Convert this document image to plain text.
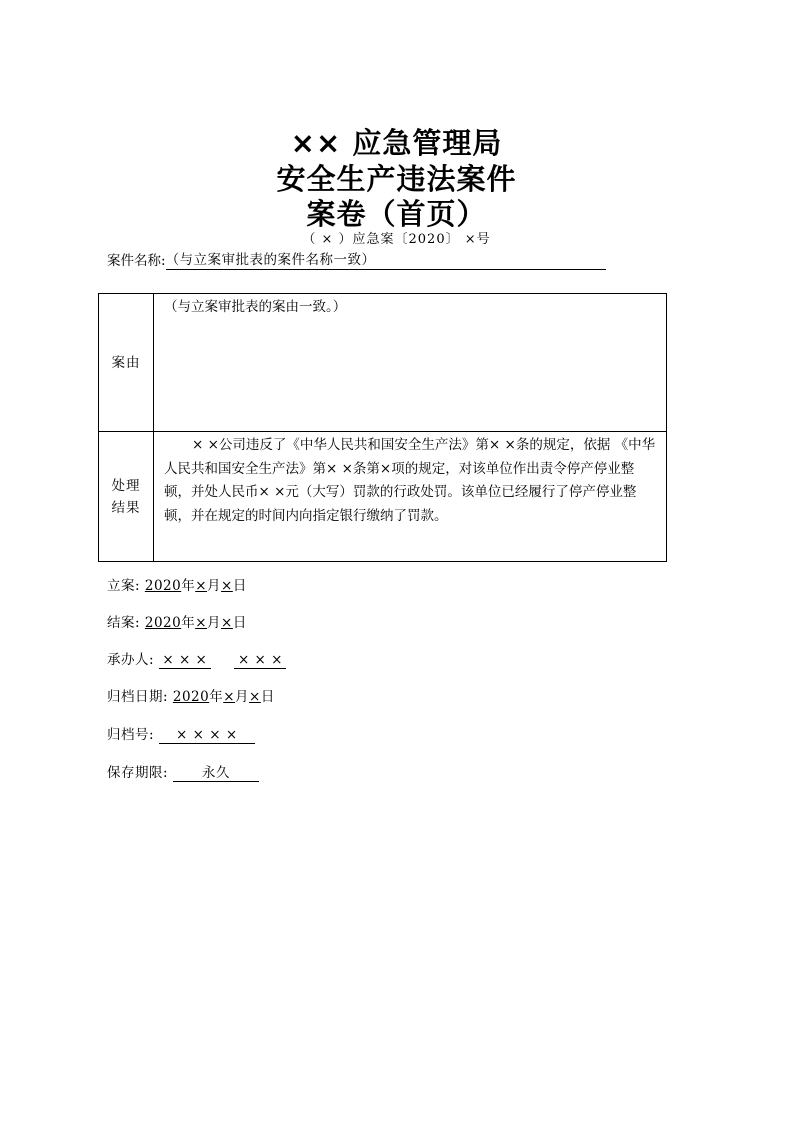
×× 应急管理局
安全生产违法案件
案卷（首页）
（ × ）应急案〔2020〕 ×号
案件名称: （与立案审批表的案件名称一致）
案由	（与立案审批表的案由一致。）

处理
结果	× ×公司违反了《中华人民共和国安全生产法》第× ×条的规定，依据 《中华人民共和国安全生产法》第× ×条第×项的规定，对该单位作出责令停产停业整顿，并处人民币× ×元（大写）罚款的行政处罚。该单位已经履行了停产停业整顿，并在规定的时间内向指定银行缴纳了罚款。
立案: 2020年×月×日
结案: 2020年×月×日
承办人: × × × × × ×
归档日期: 2020年×月×日
归档号: × × × ×
保存期限:	永久
